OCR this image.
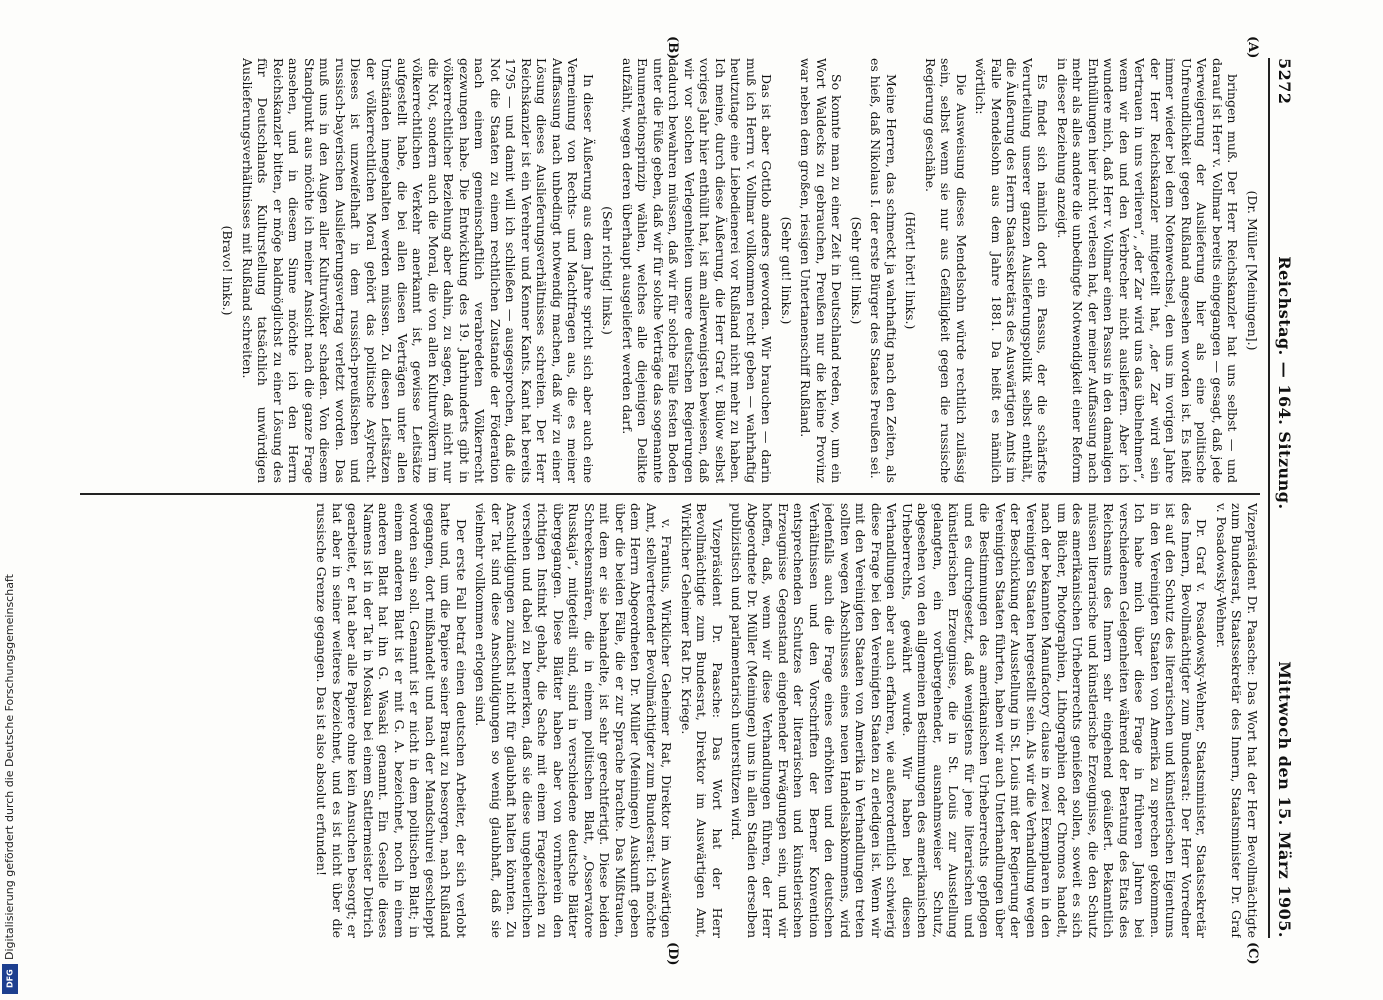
Digitalisierung gefördert durch die Deutsche Forschungsgemeinschaft
DFG
5272
Reichstag. — 164. Sitzung.
Mittwoch den 15. März 1905.

(Dr. Müller [Meiningen].)

bringen muß. Der Herr Reichskanzler hat uns selbst — und darauf ist Herr v. Vollmar bereits eingegangen — gesagt, daß jede Verweigerung der Auslieferung hier als eine politische Unfreundlichkeit gegen Rußland angesehen worden ist. Es heißt immer wieder bei dem Notenwechsel, den uns im vorigen Jahre der Herr Reichskanzler mitgeteilt hat, „der Zar wird sein Vertrauen in uns verlieren“, „der Zar wird uns das übelnehmen“, wenn wir den und den Verbrecher nicht ausliefern. Aber ich wundere mich, daß Herr v. Vollmar einen Passus in den damaligen Enthüllungen hier nicht verlesen hat, der meiner Auffassung nach mehr als alles andere die unbedingte Notwendigkeit einer Reform in dieser Beziehung anzeigt.

Es findet sich nämlich dort ein Passus, der die schärfste Verurteilung unserer ganzen Auslieferungspolitik selbst enthält, die Äußerung des Herrn Staatssekretärs des Auswärtigen Amts im Falle Mendelsohn aus dem Jahre 1881. Da heißt es nämlich wörtlich:

Die Ausweisung dieses Mendelsohn würde rechtlich zulässig sein, selbst wenn sie nur aus Gefälligkeit gegen die russische Regierung geschähe.

(Hört! hört! links.)

Meine Herren, das schmeckt ja wahrhaftig nach den Zeiten, als es hieß, daß Nikolaus I. der erste Bürger des Staates Preußen sei.

(Sehr gut! links.)

So konnte man zu einer Zeit in Deutschland reden, wo, um ein Wort Waldecks zu gebrauchen, Preußen nur die kleine Provinz war neben dem großen, riesigen Untertanenschiff Rußland.

(Sehr gut! links.)

Das ist aber Gottlob anders geworden. Wir brauchen — darin muß ich Herrn v. Vollmar vollkommen recht geben — wahrhaftig heutzutage eine Liebedienerei vor Rußland nicht mehr zu haben. Ich meine, durch diese Äußerung, die Herr Graf v. Bülow selbst voriges Jahr hier enthüllt hat, ist am allerwenigsten bewiesen, daß wir vor solchen Verlegenheiten unsere deutschen Regierungen dadurch bewahren müssen, daß wir für solche Fälle festen Boden unter die Füße geben, daß wir für solche Verträge das sogenannte Enumerationsprinzip wählen, welches alle diejenigen Delikte aufzählt, wegen deren überhaupt ausgeliefert werden darf.

(Sehr richtig! links.)

In dieser Äußerung aus dem Jahre spricht sich aber auch eine Verneinung von Rechts- und Machtfragen aus, die es meiner Auffassung nach unbedingt notwendig machen, daß wir zu einer Lösung dieses Auslieferungsverhältnisses schreiten. Der Herr Reichskanzler ist ein Verehrer und Kenner Kants. Kant hat bereits 1795 — und damit will ich schließen — ausgesprochen, daß die Not die Staaten zu einem rechtlichen Zustande der Föderation nach einem gemeinschaftlich verabredeten Völkerrecht gezwungen habe. Die Entwicklung des 19. Jahrhunderts gibt in völkerrechtlicher Beziehung aber dahin, zu sagen, daß nicht nur die Not, sondern auch die Moral, die von allen Kulturvölkern im völkerrechtlichen Verkehr anerkannt ist, gewisse Leitsätze aufgestellt habe, die bei allen diesen Verträgen unter allen Umständen innegehalten werden müssen. Zu diesen Leitsätzen der völkerrechtlichen Moral gehört das politische Asylrecht. Dieses ist unzweifelhaft in dem russisch-preußischen und russisch-bayerischen Auslieferungsvertrag verletzt worden. Das muß uns in den Augen aller Kulturvölker schaden. Von diesem Standpunkt aus möchte ich meiner Ansicht nach die ganze Frage ansehen, und in diesem Sinne möchte ich den Herrn Reichskanzler bitten, er möge baldmöglichst zu einer Lösung des für Deutschlands Kulturstellung tatsächlich unwürdigen Auslieferungsverhältnisses mit Rußland schreiten.

(Bravo! links.)

Vizepräsident Dr. Paasche: Das Wort hat der Herr Bevollmächtigte zum Bundesrat, Staatssekretär des Innern, Staatsminister Dr. Graf v. Posadowsky-Wehner.

Dr. Graf v. Posadowsky-Wehner, Staatsminister, Staatssekretär des Innern, Bevollmächtigter zum Bundesrat: Der Herr Vorredner ist auf den Schutz des literarischen und künstlerischen Eigentums in den Vereinigten Staaten von Amerika zu sprechen gekommen. Ich habe mich über diese Frage in früheren Jahren bei verschiedenen Gelegenheiten während der Beratung des Etats des Reichsamts des Innern sehr eingehend geäußert. Bekanntlich müssen literarische und künstlerische Erzeugnisse, die den Schutz des amerikanischen Urheberrechts genießen sollen, soweit es sich um Bücher, Photographien, Lithographien oder Chromos handelt, nach der bekannten Manufactory clause in zwei Exemplaren in den Vereinigten Staaten hergestellt sein. Als wir die Verhandlung wegen der Beschickung der Ausstellung in St. Louis mit der Regierung der Vereinigten Staaten führten, haben wir auch Unterhandlungen über die Bestimmungen des amerikanischen Urheberrechts gepflogen und es durchgesetzt, daß wenigstens für jene literarischen und künstlerischen Erzeugnisse, die in St. Louis zur Ausstellung gelangten, ein vorübergehender, ausnahmsweiser Schutz, abgesehen von den allgemeinen Bestimmungen des amerikanischen Urheberrechts, gewährt wurde. Wir haben bei diesen Verhandlungen aber auch erfahren, wie außerordentlich schwierig diese Frage bei den Vereinigten Staaten zu erledigen ist. Wenn wir mit den Vereinigten Staaten von Amerika in Verhandlungen treten sollten wegen Abschlusses eines neuen Handelsabkommens, wird jedenfalls auch die Frage eines erhöhten und den deutschen Verhältnissen und den Vorschriften der Berner Konvention entsprechenden Schutzes der literarischen und künstlerischen Erzeugnisse Gegenstand eingehender Erwägungen sein, und wir hoffen, daß, wenn wir diese Verhandlungen führen, der Herr Abgeordnete Dr. Müller (Meiningen) uns in allen Stadien derselben publizistisch und parlamentarisch unterstützen wird.

Vizepräsident Dr. Paasche: Das Wort hat der Herr Bevollmächtigte zum Bundesrat, Direktor im Auswärtigen Amt, Wirklicher Geheimer Rat Dr. Kriege.

v. Frantius, Wirklicher Geheimer Rat, Direktor im Auswärtigen Amt, stellvertretender Bevollmächtigter zum Bundesrat: Ich möchte dem Herrn Abgeordneten Dr. Müller (Meiningen) Auskunft geben über die beiden Fälle, die er zur Sprache brachte. Das Mißtrauen, mit dem er sie behandelte, ist sehr gerechtfertigt. Diese beiden Schreckensmären, die in einem politischen Blatt, „Osservatore Russkaja“, mitgeteilt sind, sind in verschiedene deutsche Blätter übergegangen. Diese Blätter haben aber von vornherein den richtigen Instinkt gehabt, die Sache mit einem Fragezeichen zu versehen und dabei zu bemerken, daß sie diese ungeheuerlichen Anschuldigungen zunächst nicht für glaubhaft halten könnten. Zu der Tat sind diese Anschuldigungen so wenig glaubhaft, daß sie vielmehr vollkommen erlogen sind.

Der erste Fall betraf einen deutschen Arbeiter, der sich verlobt hatte und, um die Papiere seiner Braut zu besorgen, nach Rußland gegangen, dort mißhandelt und nach der Mandschurei geschleppt worden sein soll. Genannt ist er nicht in dem politischen Blatt; in einem anderen Blatt ist er mit G. A. bezeichnet, noch in einem anderen Blatt hat ihn G. Wasaki genannt. Ein Geselle dieses Namens ist in der Tat in Moskau bei einem Sattlermeister Dietrich gearbeitet, er hat aber alle Papiere ohne kein Ansuchen besorgt; er hat aber in seiner weiteres bezeichnet, und es ist nicht über die russische Grenze gegangen. Das ist also absolut erfunden!

(A)
(B)
(C)
(D)
